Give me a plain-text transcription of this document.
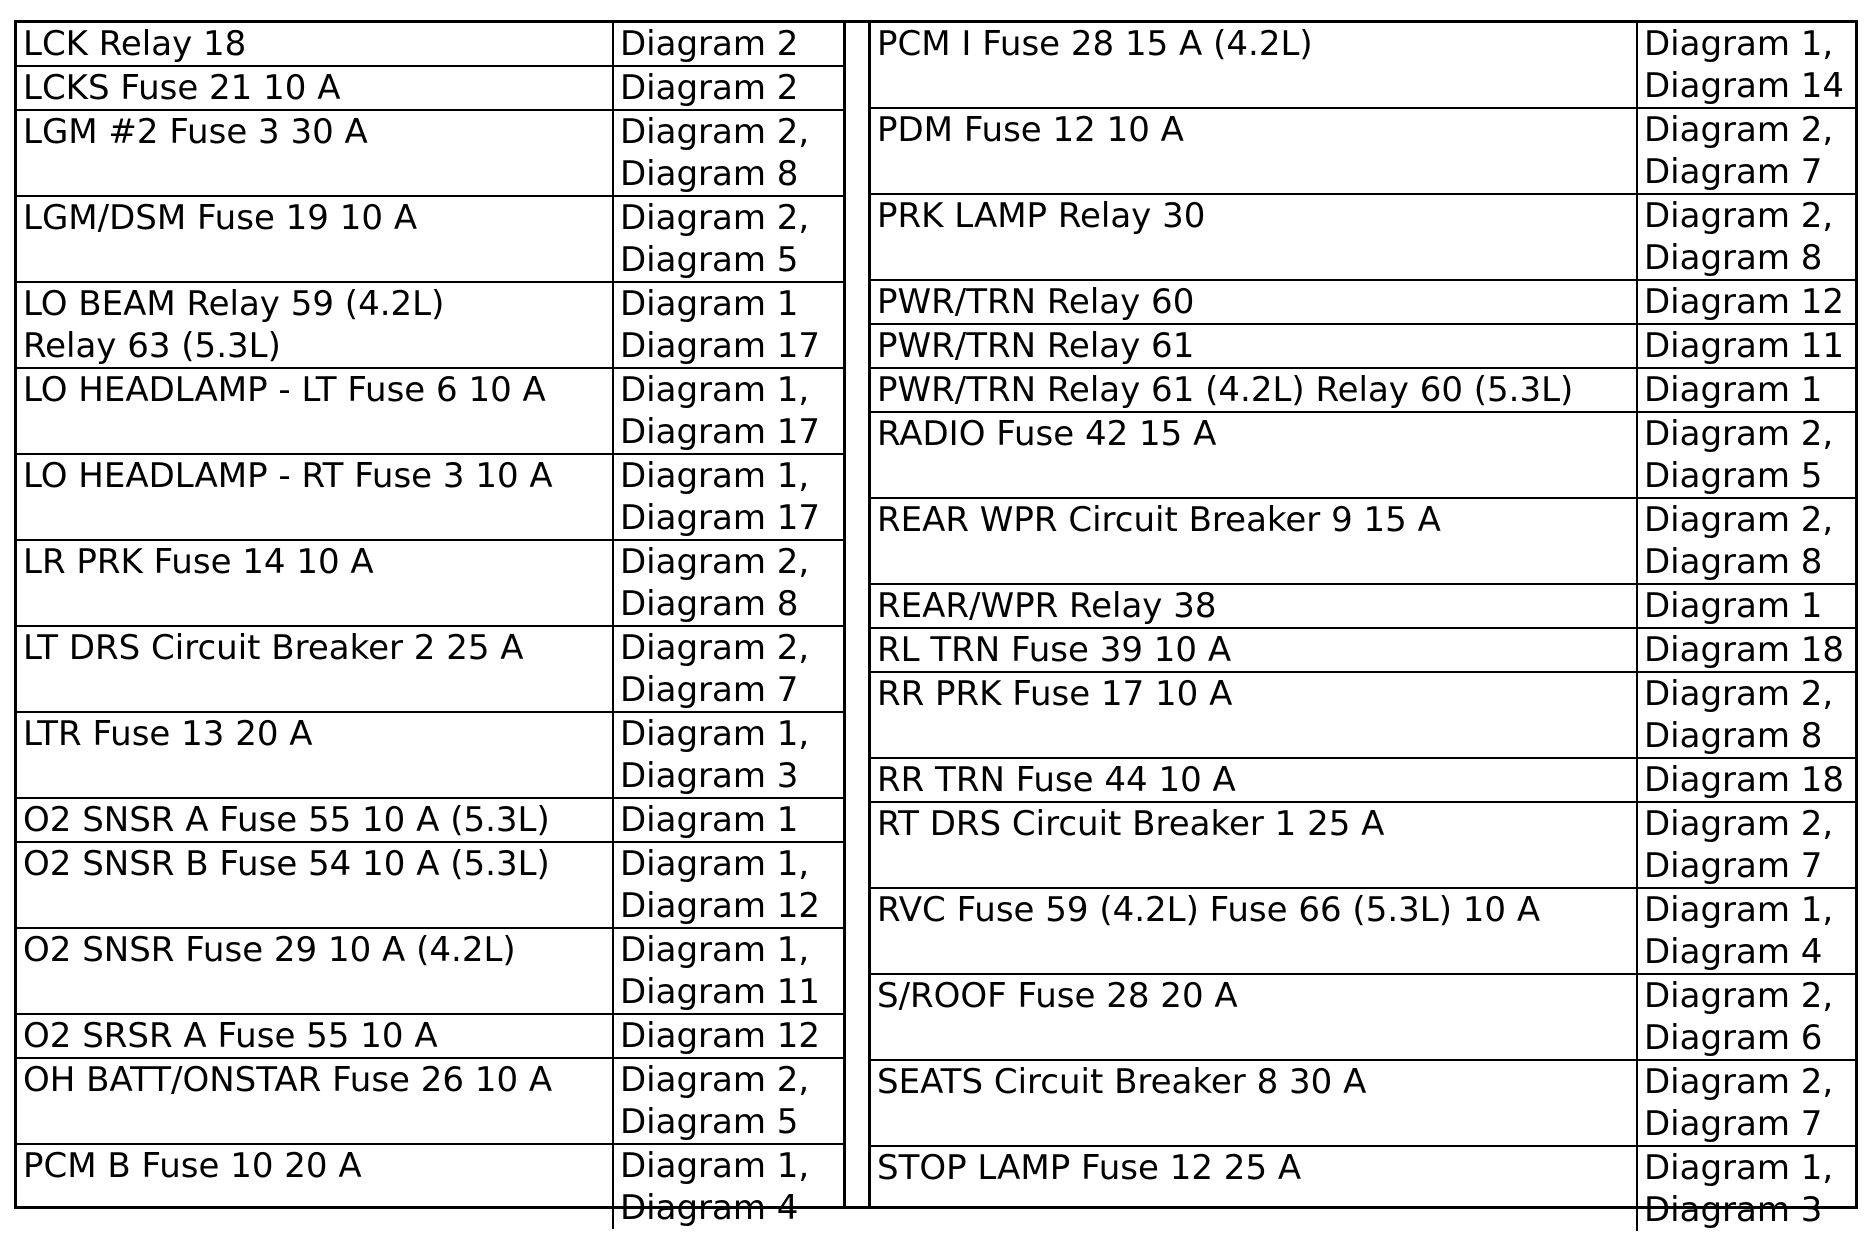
LCK Relay 18	Diagram 2
LCKS Fuse 21 10 A	Diagram 2
LGM #2 Fuse 3 30 A	Diagram 2,
Diagram 8
LGM/DSM Fuse 19 10 A	Diagram 2,
Diagram 5
LO BEAM Relay 59 (4.2L)
Relay 63 (5.3L)	Diagram 1
Diagram 17
LO HEADLAMP - LT Fuse 6 10 A	Diagram 1,
Diagram 17
LO HEADLAMP - RT Fuse 3 10 A	Diagram 1,
Diagram 17
LR PRK Fuse 14 10 A	Diagram 2,
Diagram 8
LT DRS Circuit Breaker 2 25 A	Diagram 2,
Diagram 7
LTR Fuse 13 20 A	Diagram 1,
Diagram 3
O2 SNSR A Fuse 55 10 A (5.3L)	Diagram 1
O2 SNSR B Fuse 54 10 A (5.3L)	Diagram 1,
Diagram 12
O2 SNSR Fuse 29 10 A (4.2L)	Diagram 1,
Diagram 11
O2 SRSR A Fuse 55 10 A	Diagram 12
OH BATT/ONSTAR Fuse 26 10 A	Diagram 2,
Diagram 5
PCM B Fuse 10 20 A	Diagram 1,
Diagram 4
PCM I Fuse 28 15 A (4.2L)	Diagram 1,
Diagram 14
PDM Fuse 12 10 A	Diagram 2,
Diagram 7
PRK LAMP Relay 30	Diagram 2,
Diagram 8
PWR/TRN Relay 60	Diagram 12
PWR/TRN Relay 61	Diagram 11
PWR/TRN Relay 61 (4.2L) Relay 60 (5.3L)	Diagram 1
RADIO Fuse 42 15 A	Diagram 2,
Diagram 5
REAR WPR Circuit Breaker 9 15 A	Diagram 2,
Diagram 8
REAR/WPR Relay 38	Diagram 1
RL TRN Fuse 39 10 A	Diagram 18
RR PRK Fuse 17 10 A	Diagram 2,
Diagram 8
RR TRN Fuse 44 10 A	Diagram 18
RT DRS Circuit Breaker 1 25 A	Diagram 2,
Diagram 7
RVC Fuse 59 (4.2L) Fuse 66 (5.3L) 10 A	Diagram 1,
Diagram 4
S/ROOF Fuse 28 20 A	Diagram 2,
Diagram 6
SEATS Circuit Breaker 8 30 A	Diagram 2,
Diagram 7
STOP LAMP Fuse 12 25 A	Diagram 1,
Diagram 3
